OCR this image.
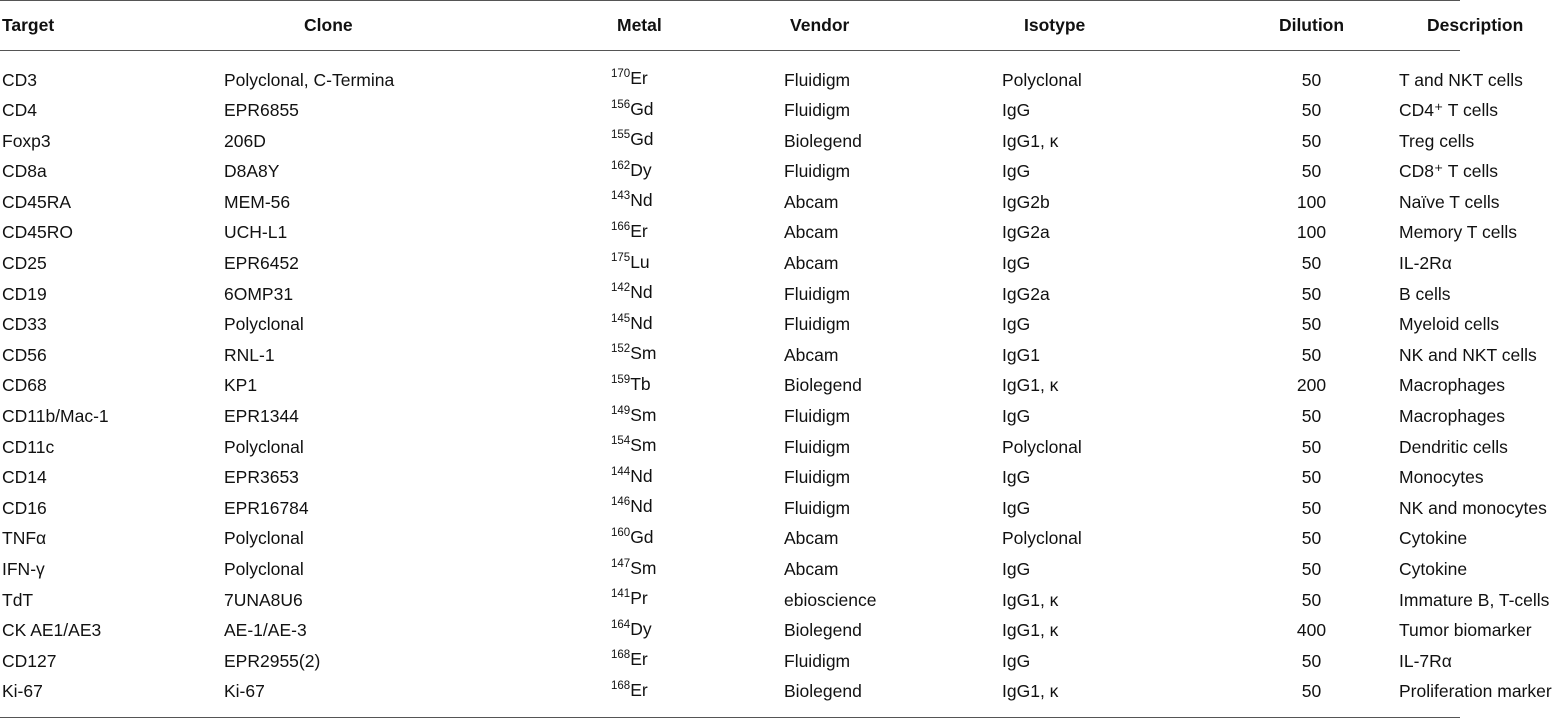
Target	Clone	Metal	Vendor	Isotype	Dilution	Description
CD3	Polyclonal, C-Termina	$^{170}$Er	Fluidigm	Polyclonal	50	T and NKT cells
CD4	EPR6855	$^{156}$Gd	Fluidigm	IgG	50	CD4⁺ T cells
Foxp3	206D	$^{155}$Gd	Biolegend	IgG1, κ	50	Treg cells
CD8a	D8A8Y	$^{162}$Dy	Fluidigm	IgG	50	CD8⁺ T cells
CD45RA	MEM-56	$^{143}$Nd	Abcam	IgG2b	100	Naïve T cells
CD45RO	UCH-L1	$^{166}$Er	Abcam	IgG2a	100	Memory T cells
CD25	EPR6452	$^{175}$Lu	Abcam	IgG	50	IL-2Rα
CD19	6OMP31	$^{142}$Nd	Fluidigm	IgG2a	50	B cells
CD33	Polyclonal	$^{145}$Nd	Fluidigm	IgG	50	Myeloid cells
CD56	RNL-1	$^{152}$Sm	Abcam	IgG1	50	NK and NKT cells
CD68	KP1	$^{159}$Tb	Biolegend	IgG1, κ	200	Macrophages
CD11b/Mac-1	EPR1344	$^{149}$Sm	Fluidigm	IgG	50	Macrophages
CD11c	Polyclonal	$^{154}$Sm	Fluidigm	Polyclonal	50	Dendritic cells
CD14	EPR3653	$^{144}$Nd	Fluidigm	IgG	50	Monocytes
CD16	EPR16784	$^{146}$Nd	Fluidigm	IgG	50	NK and monocytes
TNFα	Polyclonal	$^{160}$Gd	Abcam	Polyclonal	50	Cytokine
IFN-γ	Polyclonal	$^{147}$Sm	Abcam	IgG	50	Cytokine
TdT	7UNA8U6	$^{141}$Pr	ebioscience	IgG1, κ	50	Immature B, T-cells
CK AE1/AE3	AE-1/AE-3	$^{164}$Dy	Biolegend	IgG1, κ	400	Tumor biomarker
CD127	EPR2955(2)	$^{168}$Er	Fluidigm	IgG	50	IL-7Rα
Ki-67	Ki-67	$^{168}$Er	Biolegend	IgG1, κ	50	Proliferation marker
